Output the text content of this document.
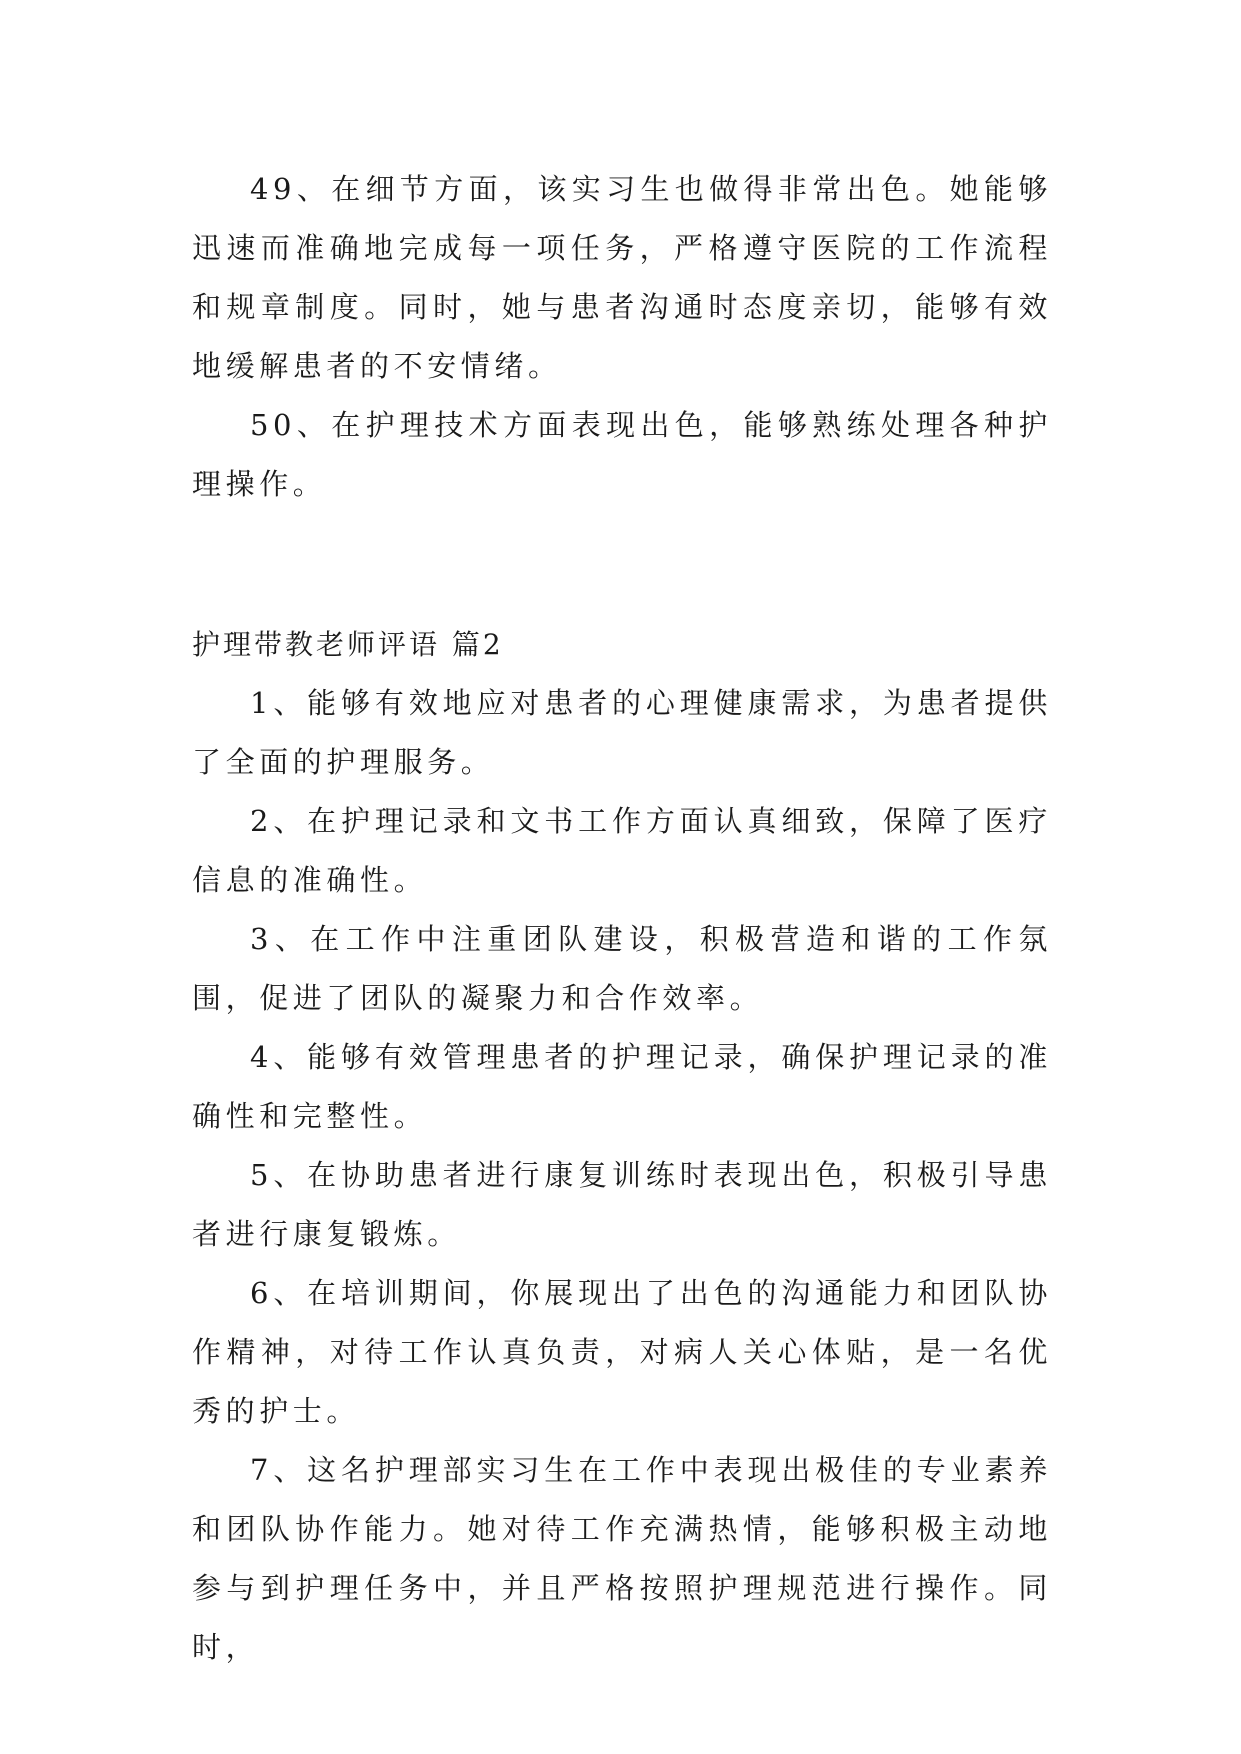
49、在细节方面，该实习生也做得非常出色。她能够迅速而准确地完成每一项任务，严格遵守医院的工作流程和规章制度。同时，她与患者沟通时态度亲切，能够有效地缓解患者的不安情绪。

50、在护理技术方面表现出色，能够熟练处理各种护理操作。

护理带教老师评语 篇2

1、能够有效地应对患者的心理健康需求，为患者提供了全面的护理服务。

2、在护理记录和文书工作方面认真细致，保障了医疗信息的准确性。

3、在工作中注重团队建设，积极营造和谐的工作氛围，促进了团队的凝聚力和合作效率。

4、能够有效管理患者的护理记录，确保护理记录的准确性和完整性。

5、在协助患者进行康复训练时表现出色，积极引导患者进行康复锻炼。

6、在培训期间，你展现出了出色的沟通能力和团队协作精神，对待工作认真负责，对病人关心体贴，是一名优秀的护士。

7、这名护理部实习生在工作中表现出极佳的专业素养和团队协作能力。她对待工作充满热情，能够积极主动地参与到护理任务中，并且严格按照护理规范进行操作。同时，
